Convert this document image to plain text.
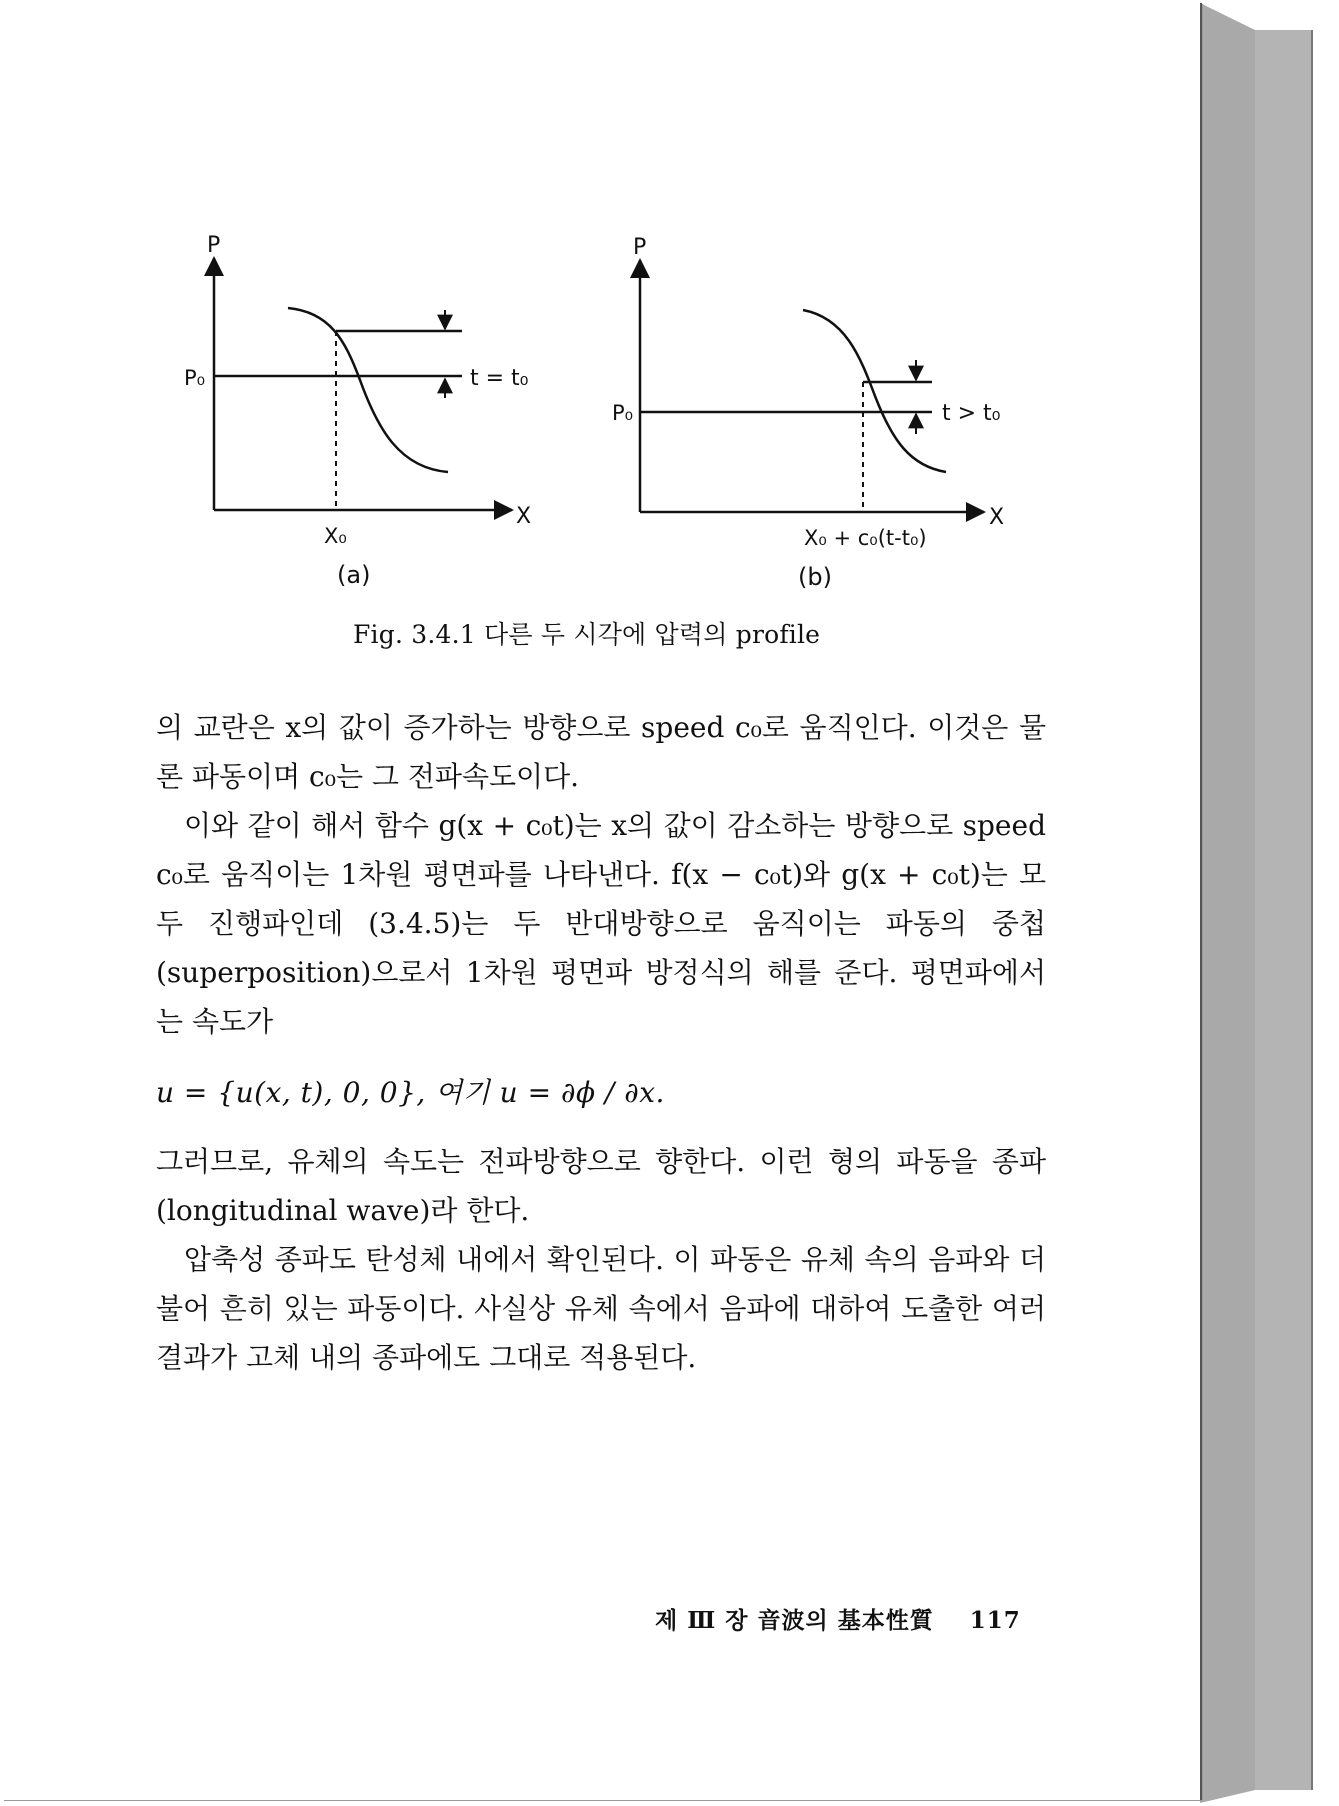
P
X
P₀	t = t₀
X₀
(a)
P
X
P₀	t > t₀
X₀ + c₀(t-t₀)
(b)
Fig. 3.4.1 다른 두 시각에 압력의 profile

의 교란은 x의 값이 증가하는 방향으로 speed c₀로 움직인다. 이것은 물론 파동이며 c₀는 그 전파속도이다.

이와 같이 해서 함수 g(x + c₀t)는 x의 값이 감소하는 방향으로 speed c₀로 움직이는 1차원 평면파를 나타낸다. f(x − c₀t)와 g(x + c₀t)는 모두 진행파인데 (3.4.5)는 두 반대방향으로 움직이는 파동의 중첩(superposition)으로서 1차원 평면파 방정식의 해를 준다. 평면파에서는 속도가

u = {u(x, t), 0, 0}, 여기 u = ∂ϕ / ∂x.

그러므로, 유체의 속도는 전파방향으로 향한다. 이런 형의 파동을 종파(longitudinal wave)라 한다.

압축성 종파도 탄성체 내에서 확인된다. 이 파동은 유체 속의 음파와 더불어 흔히 있는 파동이다. 사실상 유체 속에서 음파에 대하여 도출한 여러 결과가 고체 내의 종파에도 그대로 적용된다.

제 Ⅲ 장 音波의 基本性質 117
